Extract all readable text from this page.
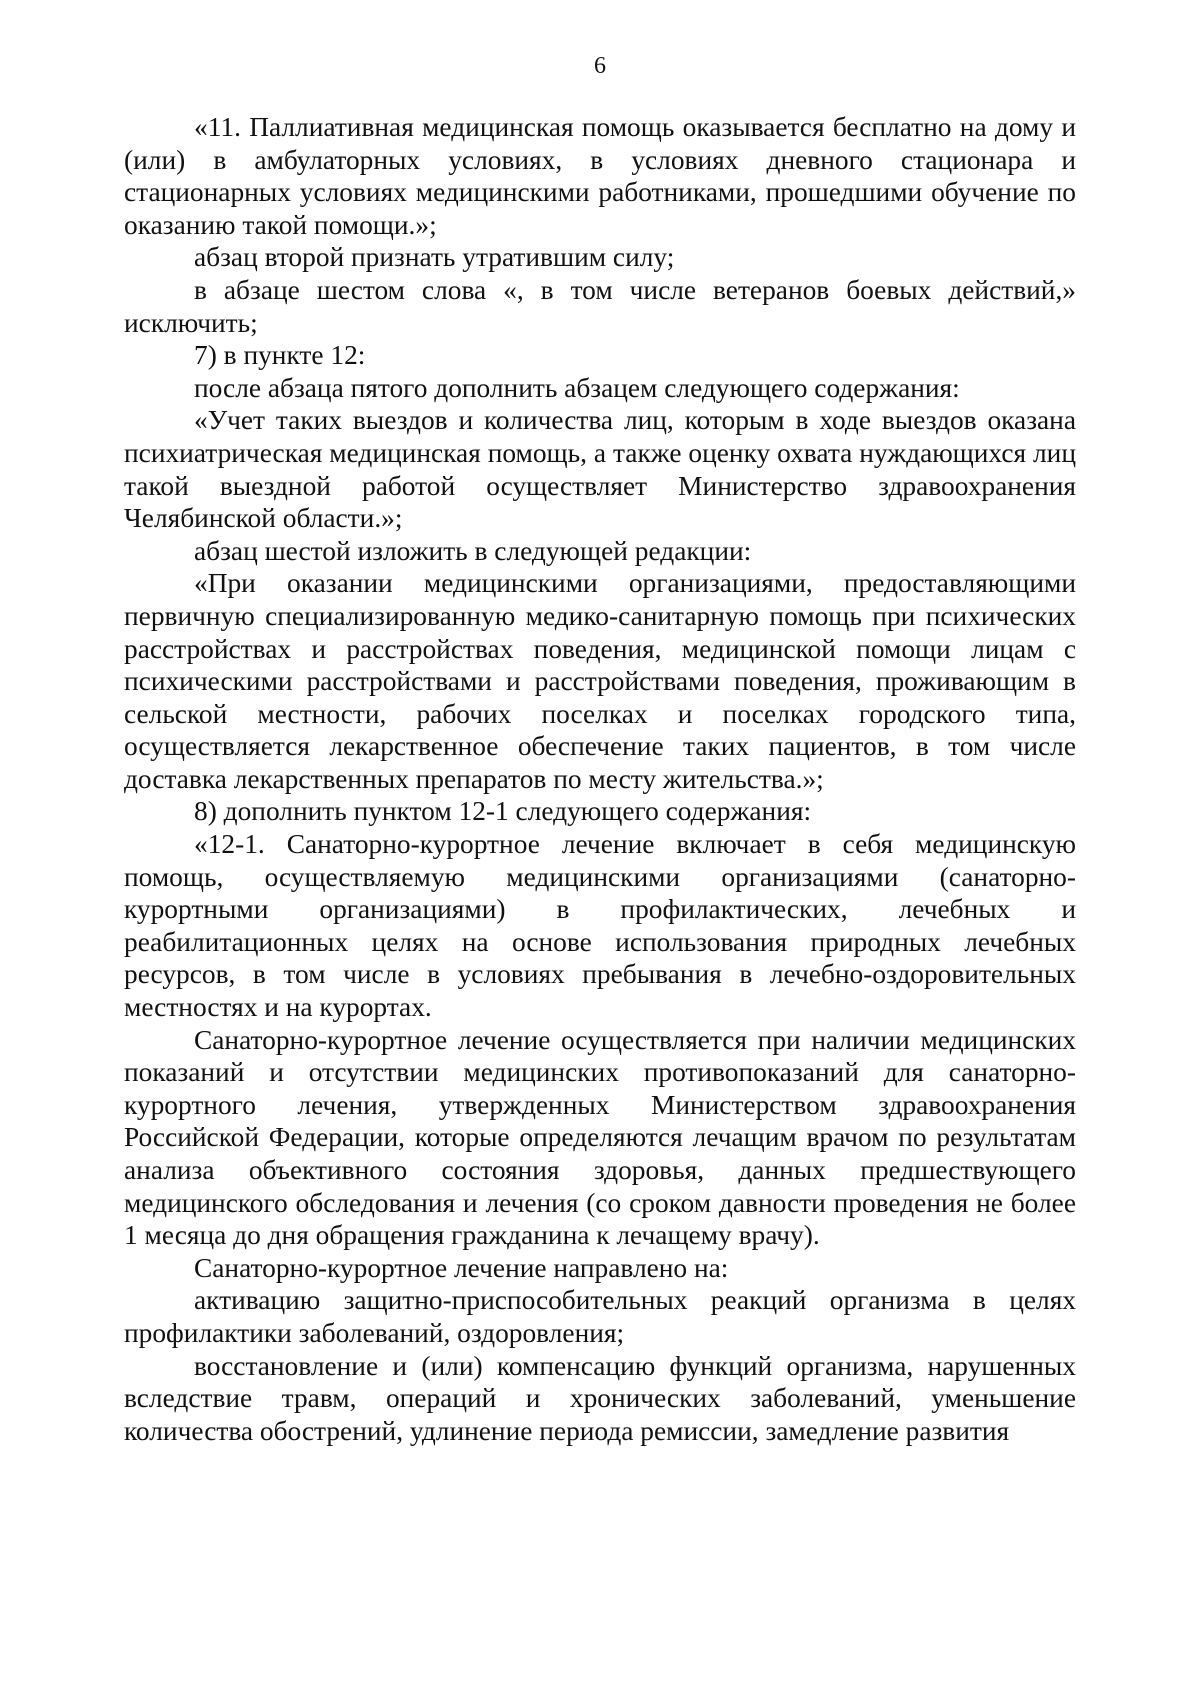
6

«11. Паллиативная медицинская помощь оказывается бесплатно на дому и (или) в амбулаторных условиях, в условиях дневного стационара и стационарных условиях медицинскими работниками, прошедшими обучение по оказанию такой помощи.»;

абзац второй признать утратившим силу;

в абзаце шестом слова «, в том числе ветеранов боевых действий,» исключить;

7) в пункте 12:

после абзаца пятого дополнить абзацем следующего содержания:

«Учет таких выездов и количества лиц, которым в ходе выездов оказана психиатрическая медицинская помощь, а также оценку охвата нуждающихся лиц такой выездной работой осуществляет Министерство здравоохранения Челябинской области.»;

абзац шестой изложить в следующей редакции:

«При оказании медицинскими организациями, предоставляющими первичную специализированную медико-санитарную помощь при психических расстройствах и расстройствах поведения, медицинской помощи лицам с психическими расстройствами и расстройствами поведения, проживающим в сельской местности, рабочих поселках и поселках городского типа, осуществляется лекарственное обеспечение таких пациентов, в том числе доставка лекарственных препаратов по месту жительства.»;

8) дополнить пунктом 12-1 следующего содержания:

«12-1. Санаторно-курортное лечение включает в себя медицинскую помощь, осуществляемую медицинскими организациями (санаторно-курортными организациями) в профилактических, лечебных и реабилитационных целях на основе использования природных лечебных ресурсов, в том числе в условиях пребывания в лечебно-оздоровительных местностях и на курортах.

Санаторно-курортное лечение осуществляется при наличии медицинских показаний и отсутствии медицинских противопоказаний для санаторно-курортного лечения, утвержденных Министерством здравоохранения Российской Федерации, которые определяются лечащим врачом по результатам анализа объективного состояния здоровья, данных предшествующего медицинского обследования и лечения (со сроком давности проведения не более 1 месяца до дня обращения гражданина к лечащему врачу).

Санаторно-курортное лечение направлено на:

активацию защитно-приспособительных реакций организма в целях профилактики заболеваний, оздоровления;

восстановление и (или) компенсацию функций организма, нарушенных вследствие травм, операций и хронических заболеваний, уменьшение количества обострений, удлинение периода ремиссии, замедление развития
